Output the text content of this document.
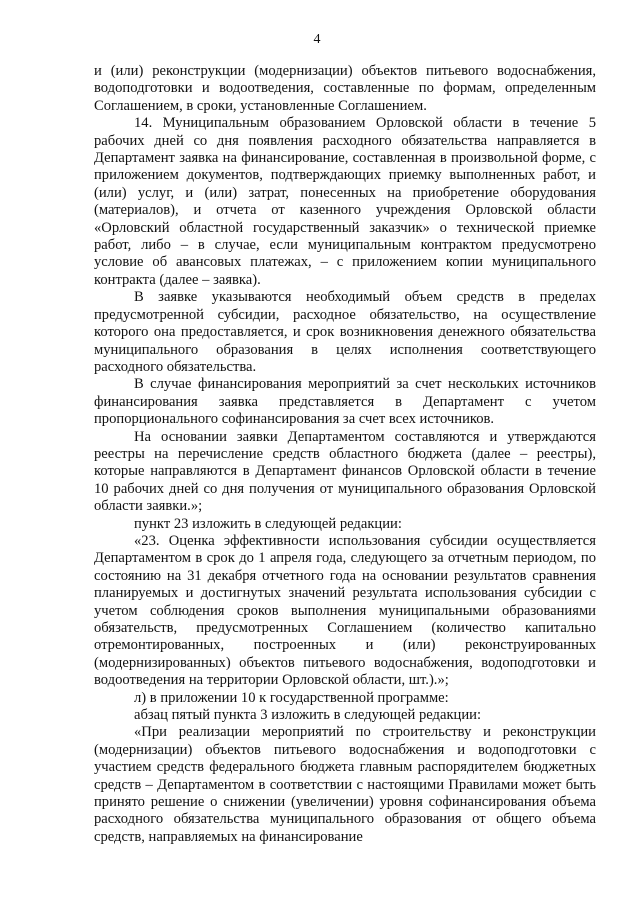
4

и (или) реконструкции (модернизации) объектов питьевого водоснабжения, водоподготовки и водоотведения, составленные по формам, определенным Соглашением, в сроки, установленные Соглашением.

14. Муниципальным образованием Орловской области в течение 5 рабочих дней со дня появления расходного обязательства направляется в Департамент заявка на финансирование, составленная в произвольной форме, с приложением документов, подтверждающих приемку выполненных работ, и (или) услуг, и (или) затрат, понесенных на приобретение оборудования (материалов), и отчета от казенного учреждения Орловской области «Орловский областной государственный заказчик» о технической приемке работ, либо – в случае, если муниципальным контрактом предусмотрено условие об авансовых платежах, – с приложением копии муниципального контракта (далее – заявка).

В заявке указываются необходимый объем средств в пределах предусмотренной субсидии, расходное обязательство, на осуществление которого она предоставляется, и срок возникновения денежного обязательства муниципального образования в целях исполнения соответствующего расходного обязательства.

В случае финансирования мероприятий за счет нескольких источников финансирования заявка представляется в Департамент с учетом пропорционального софинансирования за счет всех источников.

На основании заявки Департаментом составляются и утверждаются реестры на перечисление средств областного бюджета (далее – реестры), которые направляются в Департамент финансов Орловской области в течение 10 рабочих дней со дня получения от муниципального образования Орловской области заявки.»;

пункт 23 изложить в следующей редакции:

«23. Оценка эффективности использования субсидии осуществляется Департаментом в срок до 1 апреля года, следующего за отчетным периодом, по состоянию на 31 декабря отчетного года на основании результатов сравнения планируемых и достигнутых значений результата использования субсидии с учетом соблюдения сроков выполнения муниципальными образованиями обязательств, предусмотренных Соглашением (количество капитально отремонтированных, построенных и (или) реконструированных (модернизированных) объектов питьевого водоснабжения, водоподготовки и водоотведения на территории Орловской области, шт.).»;

л) в приложении 10 к государственной программе:

абзац пятый пункта 3 изложить в следующей редакции:

«При реализации мероприятий по строительству и реконструкции (модернизации) объектов питьевого водоснабжения и водоподготовки с участием средств федерального бюджета главным распорядителем бюджетных средств – Департаментом в соответствии с настоящими Правилами может быть принято решение о снижении (увеличении) уровня софинансирования объема расходного обязательства муниципального образования от общего объема средств, направляемых на финансирование
